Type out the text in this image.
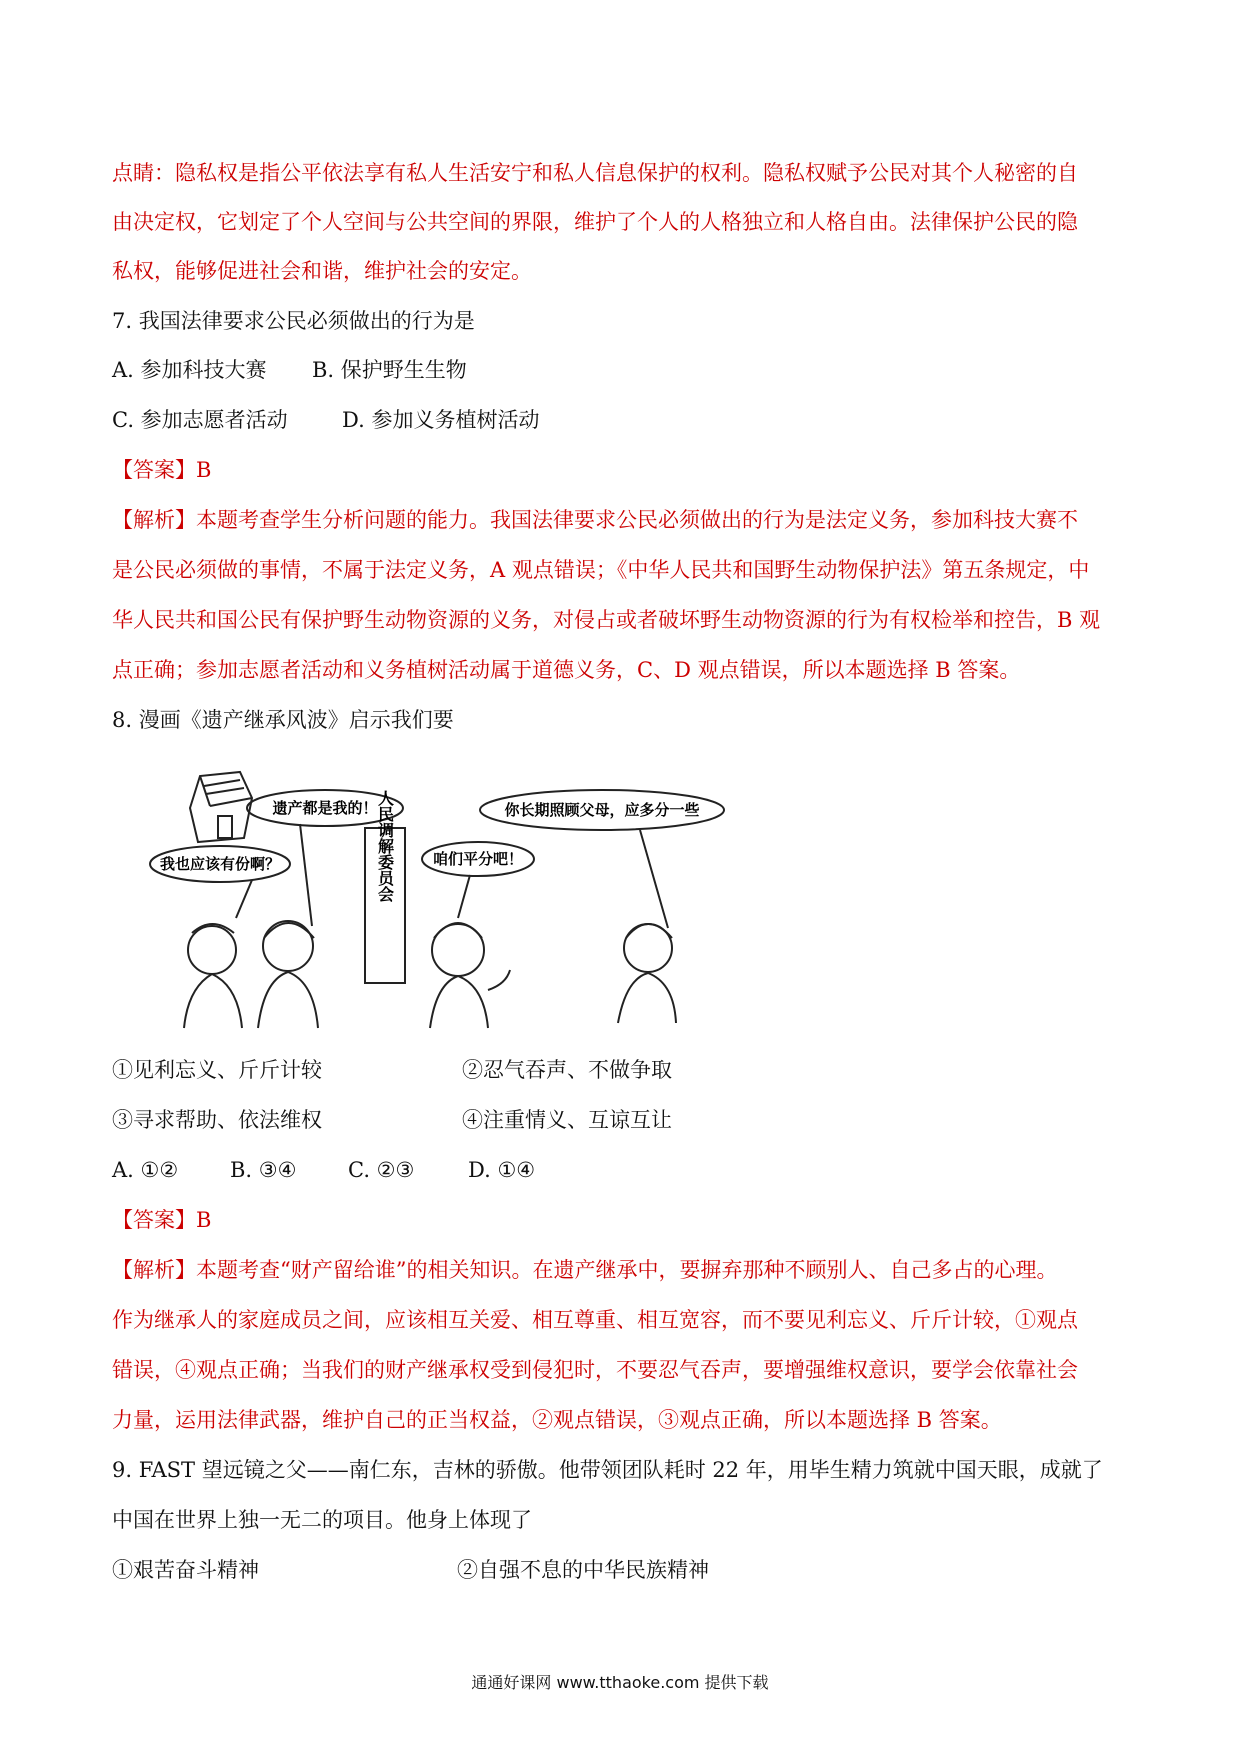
点睛：隐私权是指公平依法享有私人生活安宁和私人信息保护的权利。隐私权赋予公民对其个人秘密的自
由决定权，它划定了个人空间与公共空间的界限，维护了个人的人格独立和人格自由。法律保护公民的隐
私权，能够促进社会和谐，维护社会的安定。
7. 我国法律要求公民必须做出的行为是
A. 参加科技大赛 B. 保护野生生物
C. 参加志愿者活动	D. 参加义务植树活动
【答案】B
【解析】本题考查学生分析问题的能力。我国法律要求公民必须做出的行为是法定义务，参加科技大赛不
是公民必须做的事情，不属于法定义务，A 观点错误；《中华人民共和国野生动物保护法》第五条规定，中
华人民共和国公民有保护野生动物资源的义务，对侵占或者破坏野生动物资源的行为有权检举和控告，B 观
点正确；参加志愿者活动和义务植树活动属于道德义务，C、D 观点错误，所以本题选择 B 答案。
8. 漫画《遗产继承风波》启示我们要
遗产都是我的！
我也应该有份啊？
你长期照顾父母，应多分一些
咱们平分吧！
人民调解委员会
①见利忘义、斤斤计较	②忍气吞声、不做争取
③寻求帮助、依法维权	④注重情义、互谅互让
A. ①② B. ③④ C. ②③	D. ①④
【答案】B
【解析】本题考查“财产留给谁”的相关知识。在遗产继承中，要摒弃那种不顾别人、自己多占的心理。
作为继承人的家庭成员之间，应该相互关爱、相互尊重、相互宽容，而不要见利忘义、斤斤计较，①观点
错误，④观点正确；当我们的财产继承权受到侵犯时，不要忍气吞声，要增强维权意识，要学会依靠社会
力量，运用法律武器，维护自己的正当权益，②观点错误，③观点正确，所以本题选择 B 答案。
9. FAST 望远镜之父——南仁东，吉林的骄傲。他带领团队耗时 22 年，用毕生精力筑就中国天眼，成就了
中国在世界上独一无二的项目。他身上体现了
①艰苦奋斗精神	②自强不息的中华民族精神
通通好课网 www.tthaoke.com 提供下载
